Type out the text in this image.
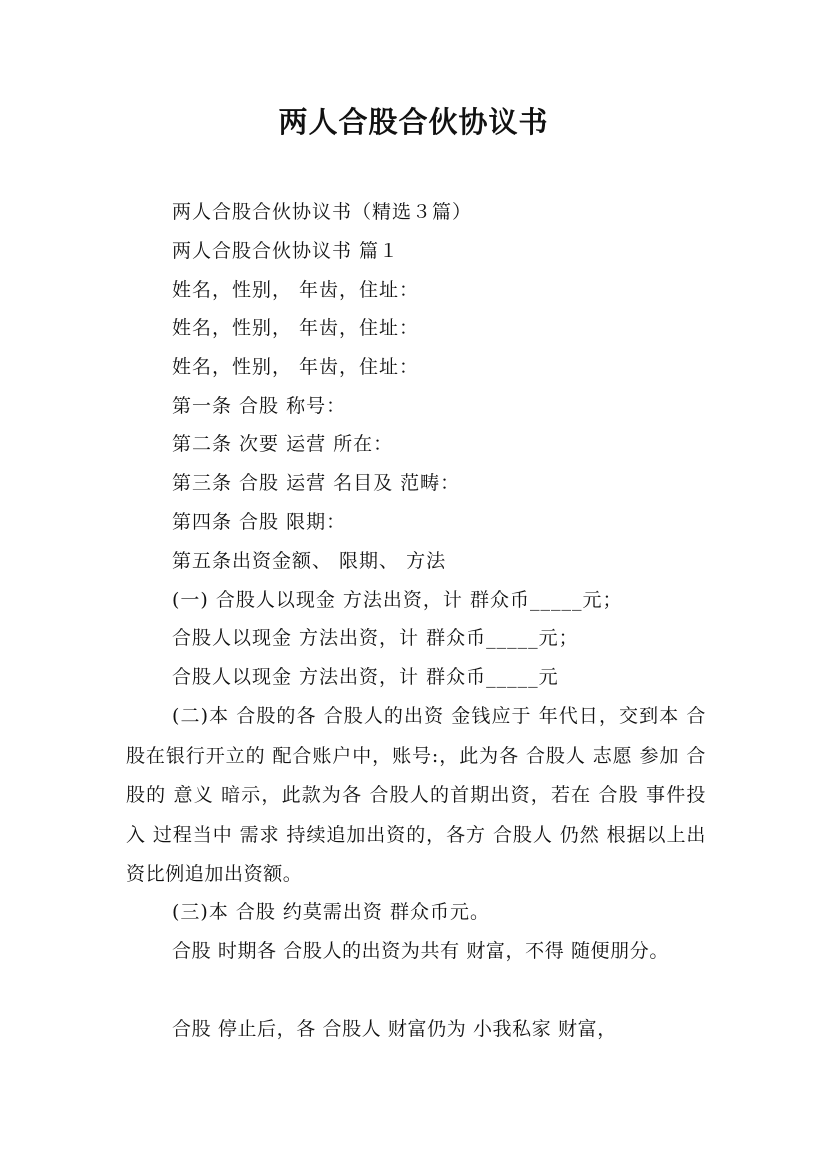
两人合股合伙协议书
两人合股合伙协议书（精选３篇）
两人合股合伙协议书 篇１
姓名，性别， 年齿，住址：
姓名，性别， 年齿，住址：
姓名，性别， 年齿，住址：
第一条 合股 称号：
第二条 次要 运营 所在：
第三条 合股 运营 名目及 范畴：
第四条 合股 限期：
第五条出资金额、 限期、 方法
(一) 合股人以现金 方法出资，计 群众币_____元；
合股人以现金 方法出资，计 群众币_____元；
合股人以现金 方法出资，计 群众币_____元
(二)本 合股的各 合股人的出资 金钱应于 年代日，交到本 合股在银行开立的 配合账户中，账号:，此为各 合股人 志愿 参加 合股的 意义 暗示，此款为各 合股人的首期出资，若在 合股 事件投入 过程当中 需求 持续追加出资的，各方 合股人 仍然 根据以上出资比例追加出资额。
(三)本 合股 约莫需出资 群众币元。
合股 时期各 合股人的出资为共有 财富，不得 随便朋分。
合股 停止后，各 合股人 财富仍为 小我私家 财富，
